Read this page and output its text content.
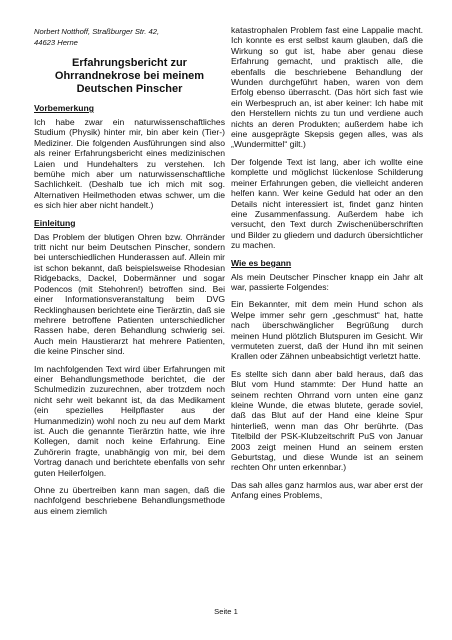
Norbert Notthoff, Straßburger Str. 42,
44623 Herne
Erfahrungsbericht zur Ohrrandnekrose bei meinem Deutschen Pinscher

Vorbemerkung

Ich habe zwar ein naturwissenschaftliches Studium (Physik) hinter mir, bin aber kein (Tier-) Mediziner. Die folgenden Ausführungen sind also als reiner Erfahrungsbericht eines medizinischen Laien und Hundehalters zu verstehen. Ich bemühe mich aber um naturwissenschaftliche Sachlichkeit. (Deshalb tue ich mich mit sog. Alternativen Heilmethoden etwas schwer, um die es sich hier aber nicht handelt.)

Einleitung

Das Problem der blutigen Ohren bzw. Ohrränder tritt nicht nur beim Deutschen Pinscher, sondern bei unterschiedlichen Hunderassen auf. Allein mir ist schon bekannt, daß beispielsweise Rhodesian Ridgebacks, Dackel, Dobermänner und sogar Podencos (mit Stehohren!) betroffen sind. Bei einer Informationsveranstaltung beim DVG Recklinghausen berichtete eine Tierärztin, daß sie mehrere betroffene Patienten unterschiedlicher Rassen habe, deren Behandlung schwierig sei. Auch mein Haustierarzt hat mehrere Patienten, die keine Pinscher sind.

Im nachfolgenden Text wird über Erfahrungen mit einer Behandlungsmethode berichtet, die der Schulmedizin zuzurechnen, aber trotzdem noch nicht sehr weit bekannt ist, da das Medikament (ein spezielles Heilpflaster aus der Humanmedizin) wohl noch zu neu auf dem Markt ist. Auch die genannte Tierärztin hatte, wie ihre Kollegen, damit noch keine Erfahrung. Eine Zuhörerin fragte, unabhängig von mir, bei dem Vortrag danach und berichtete ebenfalls von sehr guten Heilerfolgen.

Ohne zu übertreiben kann man sagen, daß die nachfolgend beschriebene Behandlungsmethode aus einem ziemlich

katastrophalen Problem fast eine Lappalie macht. Ich konnte es erst selbst kaum glauben, daß die Wirkung so gut ist, habe aber genau diese Erfahrung gemacht, und praktisch alle, die ebenfalls die beschriebene Behandlung der Wunden durchgeführt haben, waren von dem Erfolg ebenso überrascht. (Das hört sich fast wie ein Werbespruch an, ist aber keiner: Ich habe mit den Herstellern nichts zu tun und verdiene auch nichts an deren Produkten; außerdem habe ich eine ausgeprägte Skepsis gegen alles, was als „Wundermittel“ gilt.)

Der folgende Text ist lang, aber ich wollte eine komplette und möglichst lückenlose Schilderung meiner Erfahrungen geben, die vielleicht anderen helfen kann. Wer keine Geduld hat oder an den Details nicht interessiert ist, findet ganz hinten eine Zusammenfassung. Außerdem habe ich versucht, den Text durch Zwischenüberschriften und Bilder zu gliedern und dadurch übersichtlicher zu machen.

Wie es begann

Als mein Deutscher Pinscher knapp ein Jahr alt war, passierte Folgendes:

Ein Bekannter, mit dem mein Hund schon als Welpe immer sehr gern „geschmust“ hat, hatte nach überschwänglicher Begrüßung durch meinen Hund plötzlich Blutspuren im Gesicht. Wir vermuteten zuerst, daß der Hund ihn mit seinen Krallen oder Zähnen unbeabsichtigt verletzt hatte.

Es stellte sich dann aber bald heraus, daß das Blut vom Hund stammte: Der Hund hatte an seinem rechten Ohrrand vorn unten eine ganz kleine Wunde, die etwas blutete, gerade soviel, daß das Blut auf der Hand eine kleine Spur hinterließ, wenn man das Ohr berührte. (Das Titelbild der PSK-Klubzeitschrift PuS von Januar 2003 zeigt meinen Hund an seinem ersten Geburtstag, und diese Wunde ist an seinem rechten Ohr unten erkennbar.)

Das sah alles ganz harmlos aus, war aber erst der Anfang eines Problems,

Seite 1
